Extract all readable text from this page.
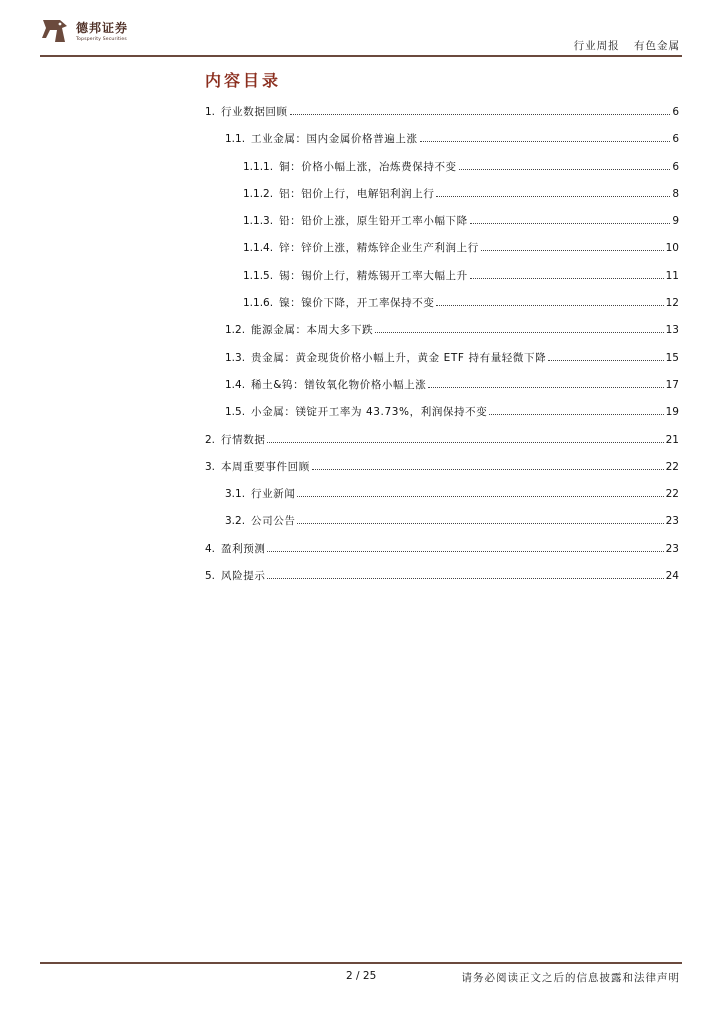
德邦证券
Topsperity Securities
行业周报 有色金属
内容目录
1. 行业数据回顾	6
1.1. 工业金属：国内金属价格普遍上涨	6
1.1.1. 铜：价格小幅上涨，冶炼费保持不变	6
1.1.2. 铝：铝价上行，电解铝利润上行	8
1.1.3. 铅：铅价上涨，原生铅开工率小幅下降	9
1.1.4. 锌：锌价上涨，精炼锌企业生产利润上行	10
1.1.5. 锡：锡价上行，精炼锡开工率大幅上升	11
1.1.6. 镍：镍价下降，开工率保持不变	12
1.2. 能源金属：本周大多下跌	13
1.3. 贵金属：黄金现货价格小幅上升，黄金 ETF 持有量轻微下降	15
1.4. 稀土&钨：镨钕氧化物价格小幅上涨	17
1.5. 小金属：镁锭开工率为 43.73%，利润保持不变	19
2. 行情数据	21
3. 本周重要事件回顾	22
3.1. 行业新闻	22
3.2. 公司公告	23
4. 盈利预测	23
5. 风险提示	24
2 / 25	请务必阅读正文之后的信息披露和法律声明
